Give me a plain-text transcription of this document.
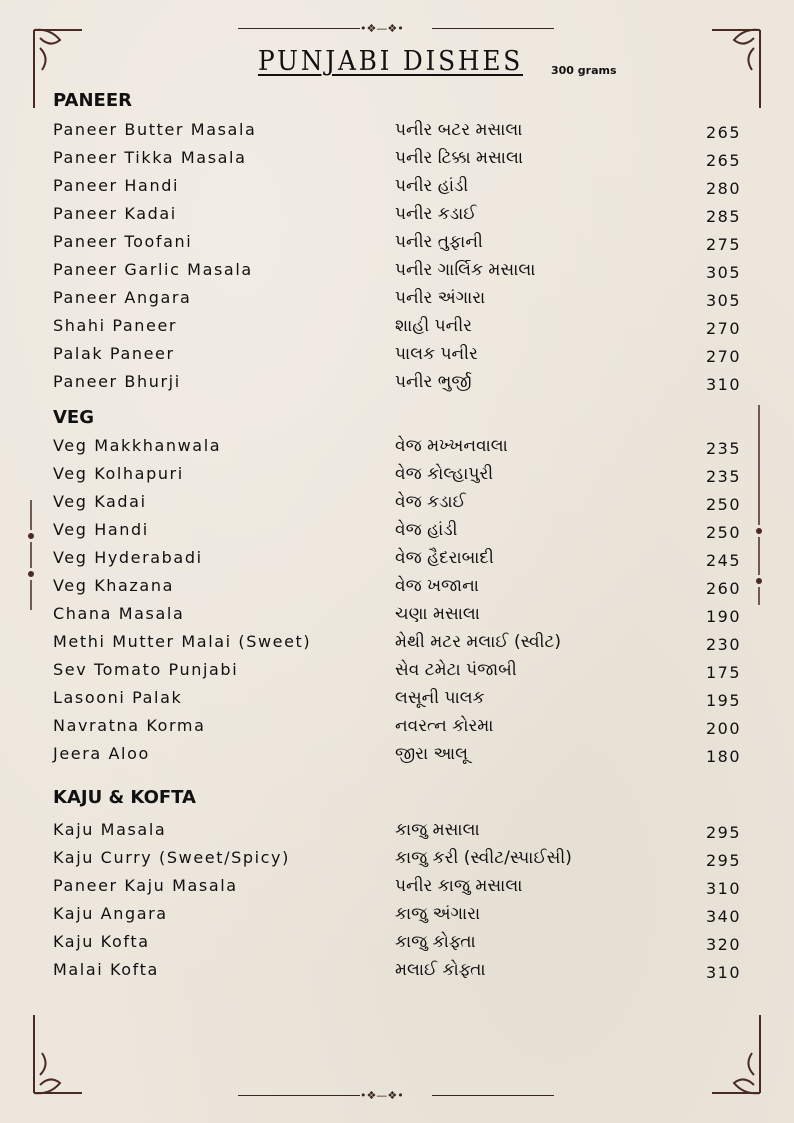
•❖—❖•
•❖—❖•
PUNJABI DISHES	300 grams
PANEER
Paneer Butter Masala	પનીર બટર મસાલા	265
Paneer Tikka Masala	પનીર ટિક્કા મસાલા	265
Paneer Handi	પનીર હાંડી	280
Paneer Kadai	પનીર કડાઈ	285
Paneer Toofani	પનીર તુફાની	275
Paneer Garlic Masala	પનીર ગાર્લિક મસાલા	305
Paneer Angara	પનીર અંગારા	305
Shahi Paneer	શાહી પનીર	270
Palak Paneer	પાલક પનીર	270
Paneer Bhurji	પનીર ભુર્જી	310
VEG
Veg Makkhanwala	વેજ મખ્ખનવાલા	235
Veg Kolhapuri	વેજ કોલ્હાપુરી	235
Veg Kadai	વેજ કડાઈ	250
Veg Handi	વેજ હાંડી	250
Veg Hyderabadi	વેજ હૈદરાબાદી	245
Veg Khazana	વેજ ખજાના	260
Chana Masala	ચણા મસાલા	190
Methi Mutter Malai (Sweet)	મેથી મટર મલાઈ (સ્વીટ)	230
Sev Tomato Punjabi	સેવ ટમેટા પંજાબી	175
Lasooni Palak	લસૂની પાલક	195
Navratna Korma	નવરત્ન કોરમા	200
Jeera Aloo	જીરા આલૂ	180
KAJU & KOFTA
Kaju Masala	કાજુ મસાલા	295
Kaju Curry (Sweet/Spicy)	કાજુ કરી (સ્વીટ/સ્પાઈસી)	295
Paneer Kaju Masala	પનીર કાજુ મસાલા	310
Kaju Angara	કાજુ અંગારા	340
Kaju Kofta	કાજુ કોફ્તા	320
Malai Kofta	મલાઈ કોફ્તા	310
